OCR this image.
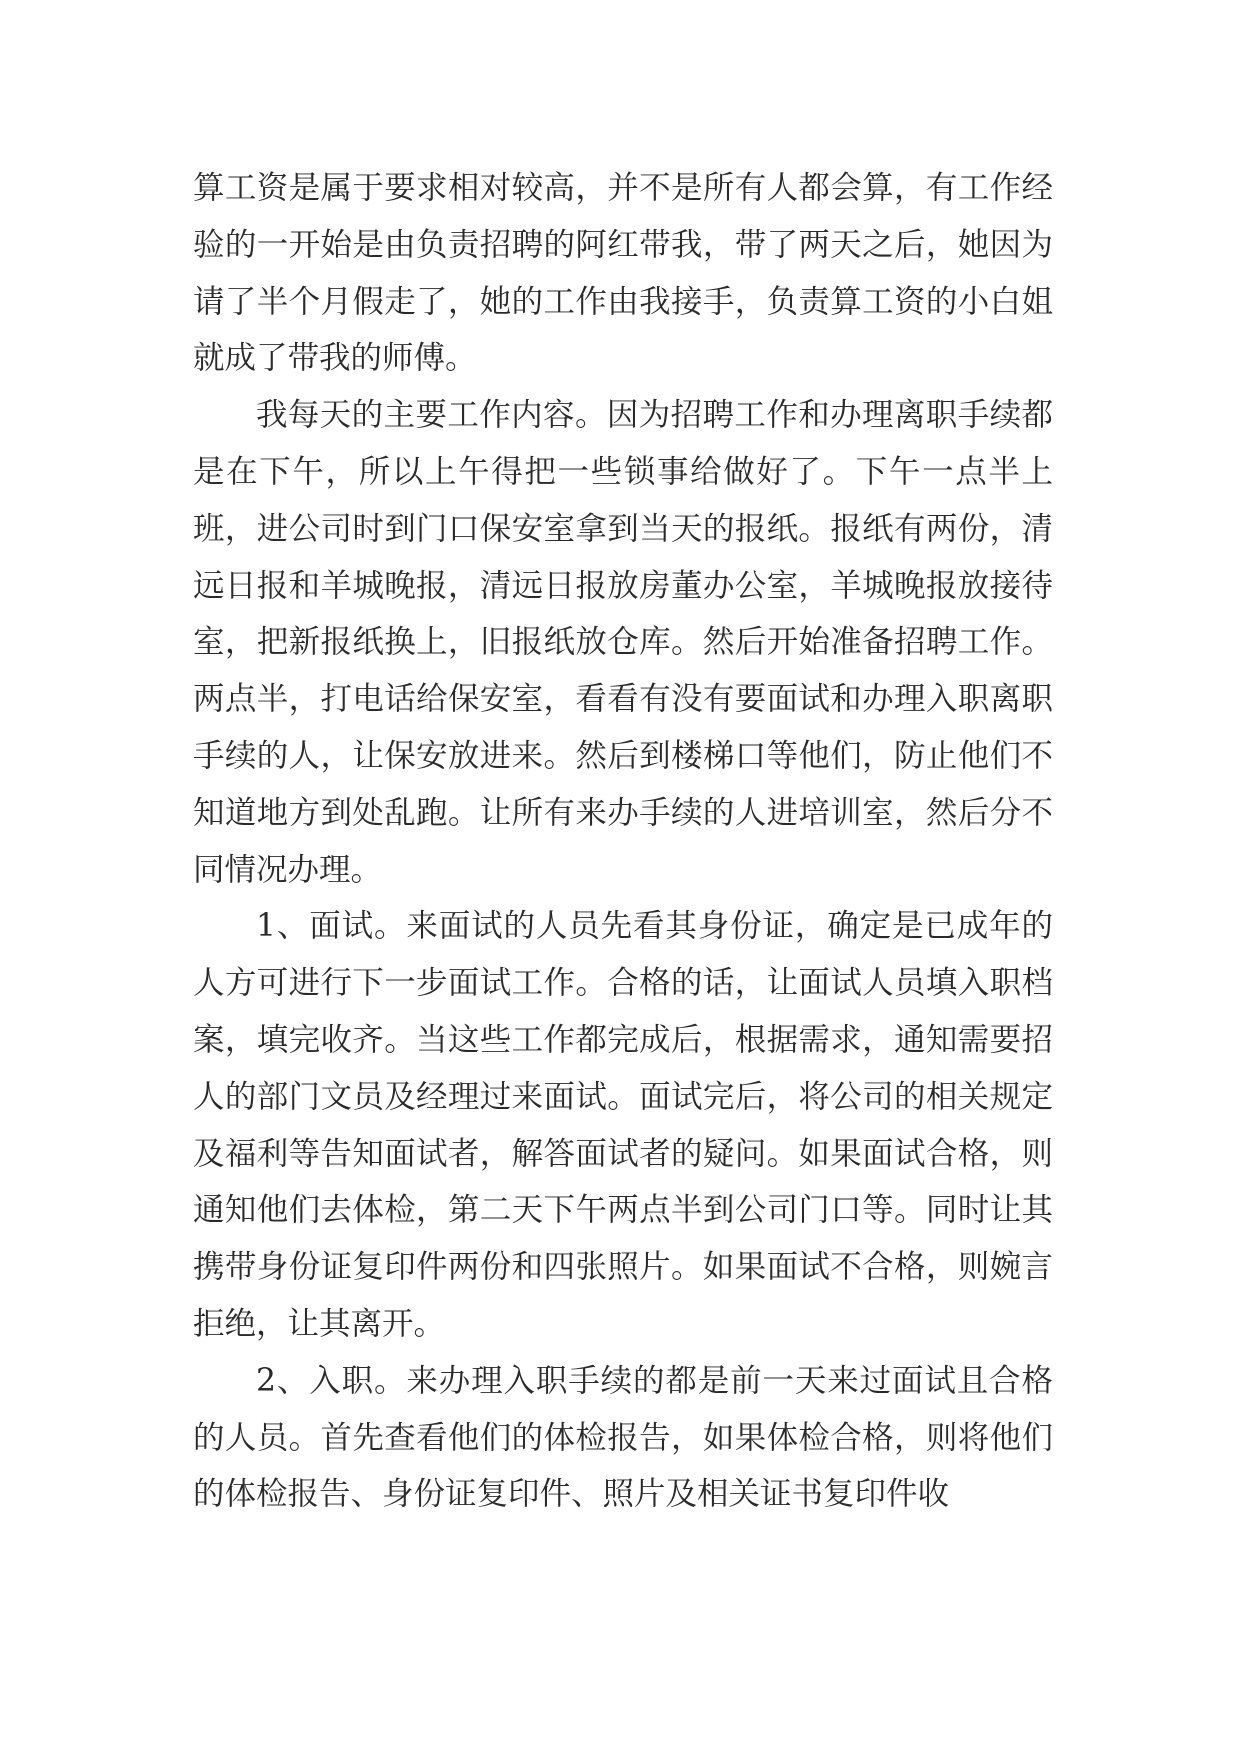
算工资是属于要求相对较高，并不是所有人都会算，有工作经验的一开始是由负责招聘的阿红带我，带了两天之后，她因为请了半个月假走了，她的工作由我接手，负责算工资的小白姐就成了带我的师傅。

我每天的主要工作内容。因为招聘工作和办理离职手续都是在下午，所以上午得把一些锁事给做好了。下午一点半上班，进公司时到门口保安室拿到当天的报纸。报纸有两份，清远日报和羊城晚报，清远日报放房董办公室，羊城晚报放接待室，把新报纸换上，旧报纸放仓库。然后开始准备招聘工作。两点半，打电话给保安室，看看有没有要面试和办理入职离职手续的人，让保安放进来。然后到楼梯口等他们，防止他们不知道地方到处乱跑。让所有来办手续的人进培训室，然后分不同情况办理。

1、面试。来面试的人员先看其身份证，确定是已成年的人方可进行下一步面试工作。合格的话，让面试人员填入职档案，填完收齐。当这些工作都完成后，根据需求，通知需要招人的部门文员及经理过来面试。面试完后，将公司的相关规定及福利等告知面试者，解答面试者的疑问。如果面试合格，则通知他们去体检，第二天下午两点半到公司门口等。同时让其携带身份证复印件两份和四张照片。如果面试不合格，则婉言拒绝，让其离开。

2、入职。来办理入职手续的都是前一天来过面试且合格的人员。首先查看他们的体检报告，如果体检合格，则将他们的体检报告、身份证复印件、照片及相关证书复印件收
